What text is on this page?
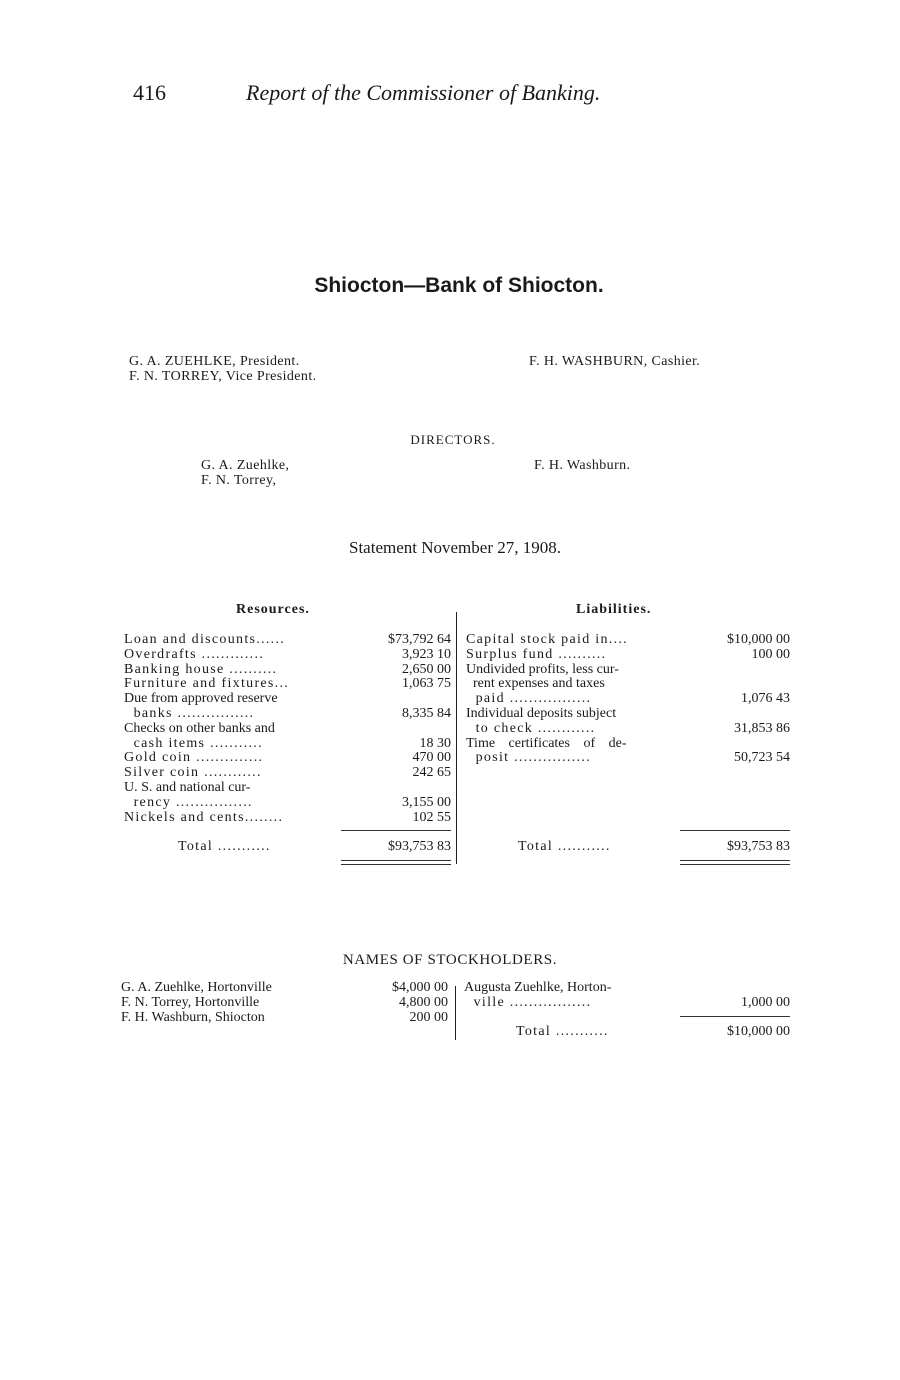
416	Report of the Commissioner of Banking.
Shiocton—Bank of Shiocton.
G. A. ZUEHLKE, President.
F. N. TORREY, Vice President.
F. H. WASHBURN, Cashier.
DIRECTORS.
G. A. Zuehlke,
F. N. Torrey,
F. H. Washburn.
Statement November 27, 1908.
Resources.	Liabilities.
Loan and discounts......	$73,792 64
Overdrafts .............	3,923 10
Banking house ..........	2,650 00
Furniture and fixtures...	1,063 75
Due from approved reserve
banks ................	8,335 84
Checks on other banks and
cash items ...........	18 30
Gold coin ..............	470 00
Silver coin ............	242 65
U. S. and national cur-
rency ................	3,155 00
Nickels and cents........	102 55
Total ...........	$93,753 83
Capital stock paid in....	$10,000 00
Surplus fund ..........	100 00
Undivided profits, less cur-
rent expenses and taxes
paid .................	1,076 43
Individual deposits subject
to check ............	31,853 86
Time certificates of de-
posit ................	50,723 54
Total ...........	$93,753 83
NAMES OF STOCKHOLDERS.
G. A. Zuehlke, Hortonville	$4,000 00
F. N. Torrey, Hortonville	4,800 00
F. H. Washburn, Shiocton	200 00
Augusta Zuehlke, Horton-
ville .................	1,000 00
Total ...........	$10,000 00
